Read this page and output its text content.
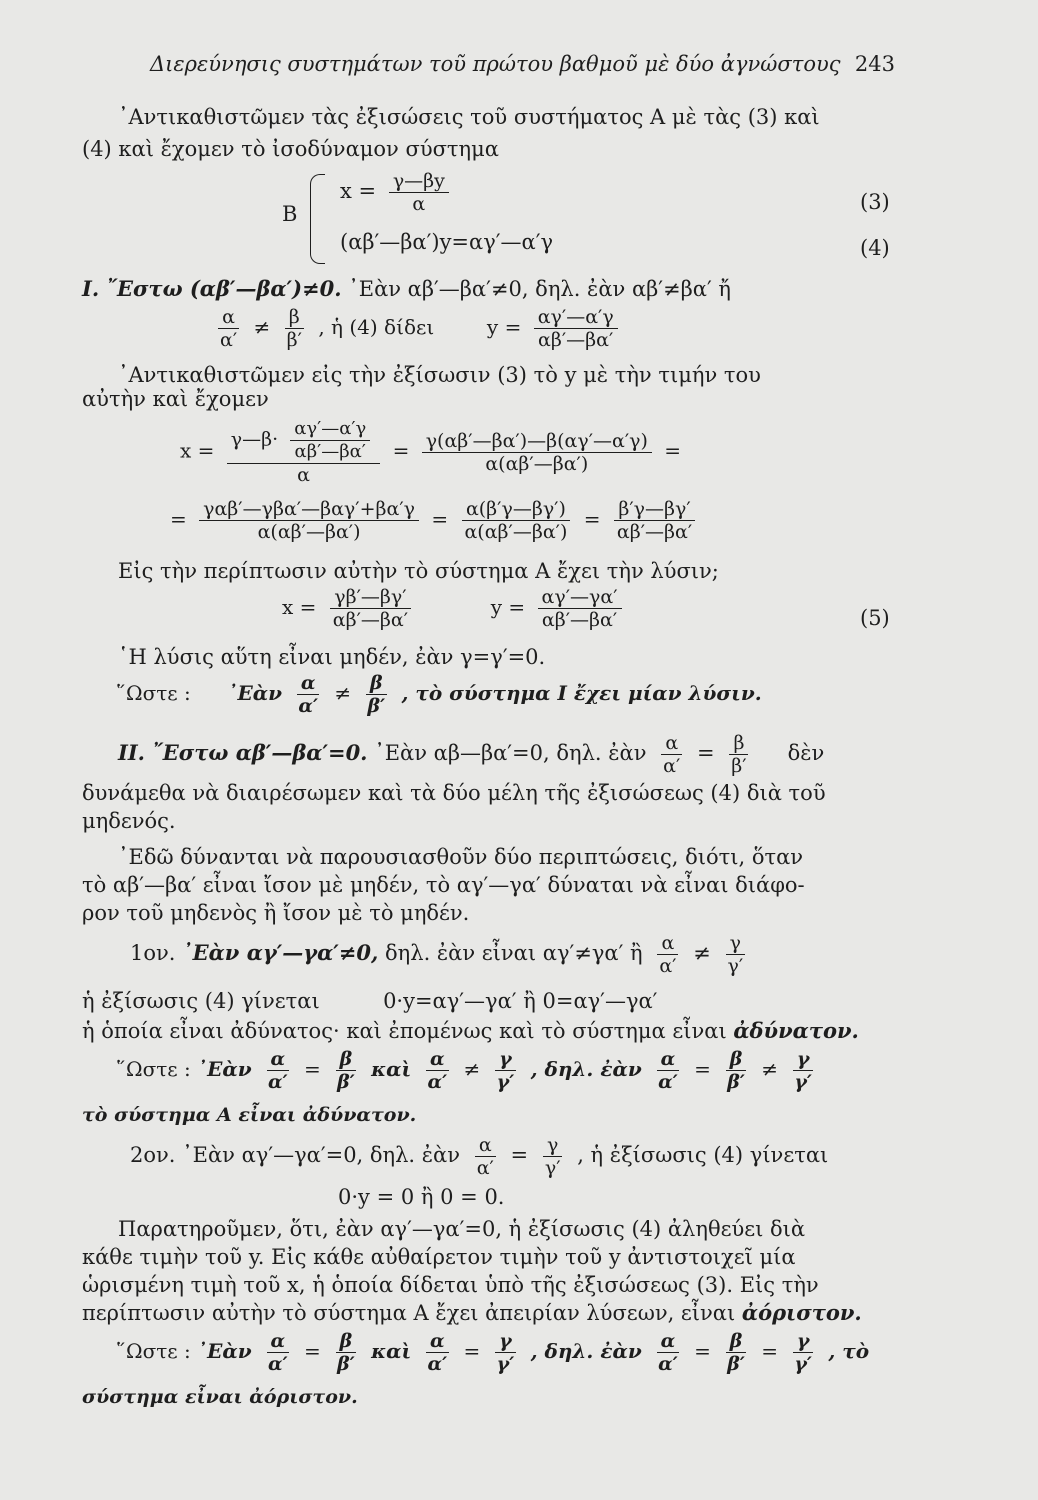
Διερεύνησις συστημάτων τοῦ πρώτου βαθμοῦ μὲ δύο ἀγνώστους 243
᾿Αντικαθιστῶμεν τὰς ἐξισώσεις τοῦ συστήματος Α μὲ τὰς (3) καὶ
(4) καὶ ἔχομεν τὸ ἰσοδύναμον σύστημα
Β
$x = \frac{\gamma—\beta y}{\alpha}$	(3)
(αβ′—βα′)y=αγ′—α′γ	(4)
I. ῎Εστω (αβ′—βα′)≠0. ᾿Εὰν αβ′—βα′≠0, δηλ. ἐὰν αβ′≠βα′ ἤ
$\frac{\alpha}{\alpha'} \ne \frac{\beta}{\beta'}$ , ἡ (4) δίδει	$y = \frac{\alpha\gamma'—\alpha'\gamma}{\alpha\beta'—\beta\alpha'}$
᾿Αντικαθιστῶμεν εἰς τὴν ἐξίσωσιν (3) τὸ y μὲ τὴν τιμήν του
αὐτὴν καὶ ἔχομεν
$x = \frac{\gamma—\beta\cdot \frac{\alpha\gamma'—\alpha'\gamma}{\alpha\beta'—\beta\alpha'}}{\alpha} = \frac{\gamma(\alpha\beta'—\beta\alpha')—\beta(\alpha\gamma'—\alpha'\gamma)}{\alpha(\alpha\beta'—\beta\alpha')}$ =
= $\frac{\text{γαβ′—γβα′—βαγ′+βα′γ}}{\alpha(\alpha\beta'—\beta\alpha')} = \frac{\alpha(\beta'\gamma—\beta\gamma')}{\alpha(\alpha\beta'—\beta\alpha')} = \frac{\beta'\gamma—\beta\gamma'}{\alpha\beta'—\beta\alpha'}$
Εἰς τὴν περίπτωσιν αὐτὴν τὸ σύστημα Α ἔχει τὴν λύσιν;
$x = \frac{\gamma\beta'—\beta\gamma'}{\alpha\beta'—\beta\alpha'}$	$y = \frac{\alpha\gamma'—\gamma\alpha'}{\alpha\beta'—\beta\alpha'}$	(5)
῾Η λύσις αὕτη εἶναι μηδέν, ἐὰν γ=γ′=0.
῞Ωστε : ᾿Εὰν $\frac{\alpha}{\alpha'} \ne \frac{\beta}{\beta'}$ , τὸ σύστημα I ἔχει μίαν λύσιν.
II. ῎Εστω αβ′—βα′=0. ᾿Εὰν αβ—βα′=0, δηλ. ἐὰν $\frac{\alpha}{\alpha'} = \frac{\beta}{\beta'}$ δὲν
δυνάμεθα νὰ διαιρέσωμεν καὶ τὰ δύο μέλη τῆς ἐξισώσεως (4) διὰ τοῦ
μηδενός.
᾿Εδῶ δύνανται νὰ παρουσιασθοῦν δύο περιπτώσεις, διότι, ὅταν
τὸ αβ′—βα′ εἶναι ἴσον μὲ μηδέν, τὸ αγ′—γα′ δύναται νὰ εἶναι διάφο-
ρον τοῦ μηδενὸς ἢ ἴσον μὲ τὸ μηδέν.
1ον. ᾿Εὰν αγ′—γα′≠0, δηλ. ἐὰν εἶναι αγ′≠γα′ ἢ $\frac{\alpha}{\alpha'} \ne \frac{\gamma}{\gamma'}$
ἡ ἐξίσωσις (4) γίνεται	0·y=αγ′—γα′ ἢ 0=αγ′—γα′
ἡ ὁποία εἶναι ἀδύνατος· καὶ ἐπομένως καὶ τὸ σύστημα εἶναι ἀδύνατον.
῞Ωστε : ᾿Εὰν $\frac{\alpha}{\alpha'} = \frac{\beta}{\beta'}$ καὶ $\frac{\alpha}{\alpha'} \ne \frac{\gamma}{\gamma'}$ , δηλ. ἐὰν $\frac{\alpha}{\alpha'} = \frac{\beta}{\beta'} \ne \frac{\gamma}{\gamma'}$
τὸ σύστημα Α εἶναι ἀδύνατον.
2ον. ᾿Εὰν αγ′—γα′=0, δηλ. ἐὰν $\frac{\alpha}{\alpha'} = \frac{\gamma}{\gamma'}$ , ἡ ἐξίσωσις (4) γίνεται
0·y = 0 ἢ 0 = 0.
Παρατηροῦμεν, ὅτι, ἐὰν αγ′—γα′=0, ἡ ἐξίσωσις (4) ἀληθεύει διὰ
κάθε τιμὴν τοῦ y. Εἰς κάθε αὐθαίρετον τιμὴν τοῦ y ἀντιστοιχεῖ μία
ὡρισμένη τιμὴ τοῦ x, ἡ ὁποία δίδεται ὑπὸ τῆς ἐξισώσεως (3). Εἰς τὴν
περίπτωσιν αὐτὴν τὸ σύστημα Α ἔχει ἀπειρίαν λύσεων, εἶναι ἀόριστον.
῞Ωστε : ᾿Εὰν $\frac{\alpha}{\alpha'} = \frac{\beta}{\beta'}$ καὶ $\frac{\alpha}{\alpha'} = \frac{\gamma}{\gamma'}$ , δηλ. ἐὰν $\frac{\alpha}{\alpha'} = \frac{\beta}{\beta'} = \frac{\gamma}{\gamma'}$ , τὸ
σύστημα εἶναι ἀόριστον.
